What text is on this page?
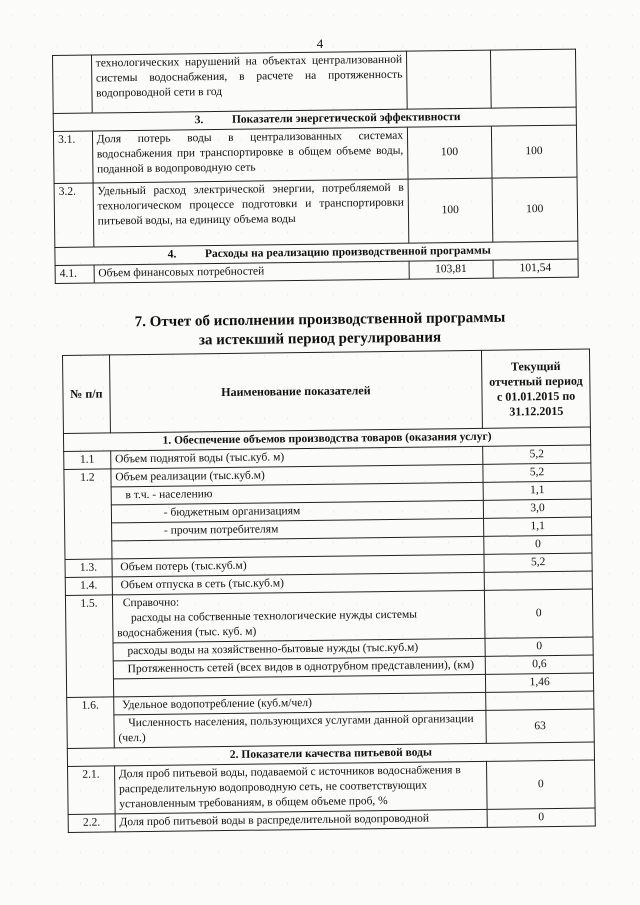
4
	технологических нарушений на объектах централизованной системы водоснабжения, в расчете на протяженность водопроводной сети в год		
3. Показатели энергетической эффективности			
3.1.	Доля потерь воды в централизованных системах водоснабжения при транспортировке в общем объеме воды, поданной в водопроводную сеть	100	100
3.2.	Удельный расход электрической энергии, потребляемой в технологическом процессе подготовки и транспортировки питьевой воды, на единицу объема воды	100	100
4. Расходы на реализацию производственной программы			
4.1.	Объем финансовых потребностей	103,81	101,54
7. Отчет об исполнении производственной программы
за истекший период регулирования
№ п/п	Наименование показателей	Текущий отчетный период с 01.01.2015 по 31.12.2015
1. Обеспечение объемов производства товаров (оказания услуг)		
1.1	Объем поднятой воды (тыс.куб. м)	5,2
1.2	Объем реализации (тыс.куб.м)	5,2
	в т.ч. - населению	1,1
	- бюджетным организациям	3,0
	- прочим потребителям	1,1
		0
1.3.	Объем потерь (тыс.куб.м)	5,2
1.4.	Объем отпуска в сеть (тыс.куб.м)	
1.5.	Справочно:
расходы на собственные технологические нужды системы водоснабжения (тыс. куб. м)	0
	расходы воды на хозяйственно-бытовые нужды (тыс.куб.м)	0
	Протяженность сетей (всех видов в однотрубном представлении), (км)	0,6
		1,46
1.6.	Удельное водопотребление (куб.м/чел)	
	Численность населения, пользующихся услугами данной организации (чел.)	63
2. Показатели качества питьевой воды		
2.1.	Доля проб питьевой воды, подаваемой с источников водоснабжения в распределительную водопроводную сеть, не соответствующих установленным требованиям, в общем объеме проб, %	0
2.2.	Доля проб питьевой воды в распределительной водопроводной	0
